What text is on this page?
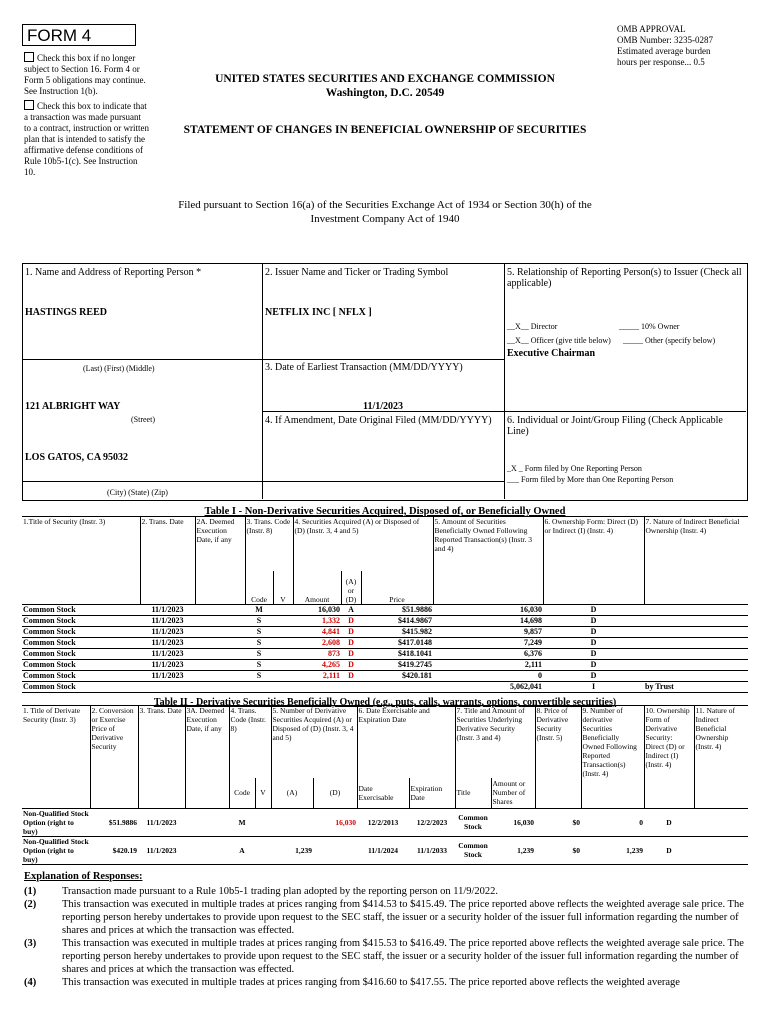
FORM 4
Check this box if no longer subject to Section 16. Form 4 or Form 5 obligations may continue. See Instruction 1(b).
Check this box to indicate that a transaction was made pursuant to a contract, instruction or written plan that is intended to satisfy the affirmative defense conditions of Rule 10b5-1(c). See Instruction 10.
OMB APPROVAL
OMB Number: 3235-0287
Estimated average burden
hours per response... 0.5
UNITED STATES SECURITIES AND EXCHANGE COMMISSION
Washington, D.C. 20549
STATEMENT OF CHANGES IN BENEFICIAL OWNERSHIP OF SECURITIES
Filed pursuant to Section 16(a) of the Securities Exchange Act of 1934 or Section 30(h) of the
Investment Company Act of 1940
1. Name and Address of Reporting Person *
HASTINGS REED
(Last) (First) (Middle)
121 ALBRIGHT WAY
(Street)
LOS GATOS, CA 95032
(City) (State) (Zip)
2. Issuer Name and Ticker or Trading Symbol
NETFLIX INC [ NFLX ]
3. Date of Earliest Transaction (MM/DD/YYYY)
11/1/2023
4. If Amendment, Date Original Filed (MM/DD/YYYY)
5. Relationship of Reporting Person(s) to Issuer (Check all applicable)
__X__ Director	_____ 10% Owner
__X__ Officer (give title below) _____ Other (specify below)
Executive Chairman
6. Individual or Joint/Group Filing (Check Applicable Line)
_X _ Form filed by One Reporting Person
___ Form filed by More than One Reporting Person
Table I - Non-Derivative Securities Acquired, Disposed of, or Beneficially Owned
1.Title of Security (Instr. 3)	2. Trans. Date	2A. Deemed Execution Date, if any	3. Trans. Code (Instr. 8)		4. Securities Acquired (A) or Disposed of (D) (Instr. 3, 4 and 5)			5. Amount of Securities Beneficially Owned Following Reported Transaction(s) (Instr. 3 and 4)	6. Ownership Form: Direct (D) or Indirect (I) (Instr. 4)	7. Nature of Indirect Beneficial Ownership (Instr. 4)
			Code	V	Amount	(A) or (D)	Price			
Common Stock	11/1/2023		M		16,030	A	$51.9886	16,030	D	
Common Stock	11/1/2023		S		1,332	D	$414.9867	14,698	D	
Common Stock	11/1/2023		S		4,841	D	$415.982	9,857	D	
Common Stock	11/1/2023		S		2,608	D	$417.0148	7,249	D	
Common Stock	11/1/2023		S		873	D	$418.1041	6,376	D	
Common Stock	11/1/2023		S		4,265	D	$419.2745	2,111	D	
Common Stock	11/1/2023		S		2,111	D	$420.181	0	D	
Common Stock								5,062,041	I	by Trust
Table II - Derivative Securities Beneficially Owned (e.g., puts, calls, warrants, options, convertible securities)
1. Title of Derivate Security (Instr. 3)	2. Conversion or Exercise Price of Derivative Security	3. Trans. Date	3A. Deemed Execution Date, if any	4. Trans. Code (Instr. 8)		5. Number of Derivative Securities Acquired (A) or Disposed of (D) (Instr. 3, 4 and 5)		6. Date Exercisable and Expiration Date		7. Title and Amount of Securities Underlying Derivative Security (Instr. 3 and 4)		8. Price of Derivative Security (Instr. 5)	9. Number of derivative Securities Beneficially Owned Following Reported Transaction(s) (Instr. 4)	10. Ownership Form of Derivative Security: Direct (D) or Indirect (I) (Instr. 4)	11. Nature of Indirect Beneficial Ownership (Instr. 4)
				Code	V	(A)	(D)	Date Exercisable	Expiration Date	Title	Amount or Number of Shares				
Non-Qualified Stock Option (right to buy)	$51.9886	11/1/2023		M			16,030	12/2/2013	12/2/2023	Common Stock	16,030	$0	0	D	
Non-Qualified Stock Option (right to buy)	$420.19	11/1/2023		A		1,239		11/1/2024	11/1/2033	Common Stock	1,239	$0	1,239	D	
Explanation of Responses:
(1)	Transaction made pursuant to a Rule 10b5-1 trading plan adopted by the reporting person on 11/9/2022.
(2)	This transaction was executed in multiple trades at prices ranging from $414.53 to $415.49. The price reported above reflects the weighted average sale price. The reporting person hereby undertakes to provide upon request to the SEC staff, the issuer or a security holder of the issuer full information regarding the number of shares and prices at which the transaction was effected.
(3)	This transaction was executed in multiple trades at prices ranging from $415.53 to $416.49. The price reported above reflects the weighted average sale price. The reporting person hereby undertakes to provide upon request to the SEC staff, the issuer or a security holder of the issuer full information regarding the number of shares and prices at which the transaction was effected.
(4)	This transaction was executed in multiple trades at prices ranging from $416.60 to $417.55. The price reported above reflects the weighted average
